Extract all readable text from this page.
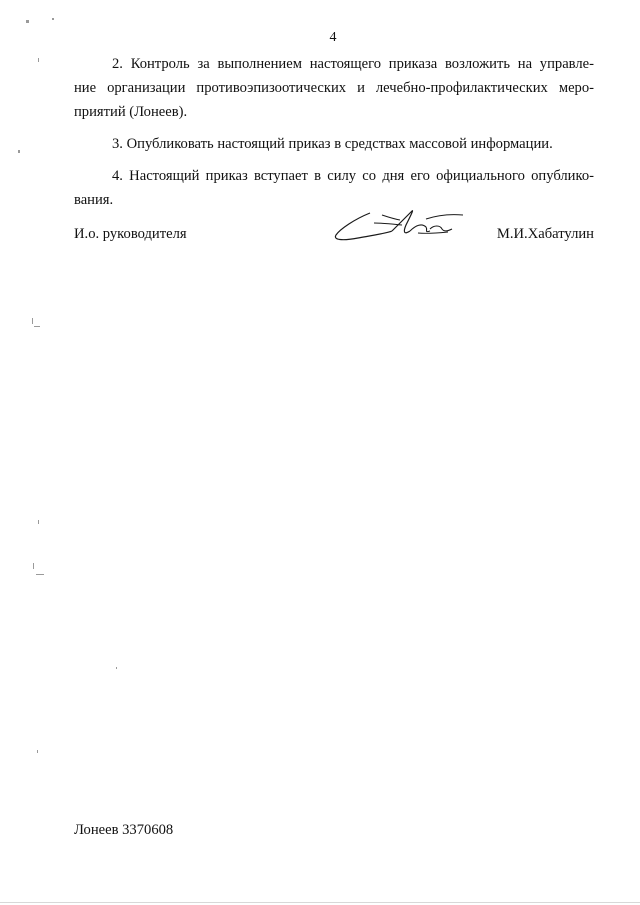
4

2. Контроль за выполнением настоящего приказа возложить на управле-
ние организации противоэпизоотических и лечебно-профилактических меро-
приятий (Лонеев).

3. Опубликовать настоящий приказ в средствах массовой информации.

4. Настоящий приказ вступает в силу со дня его официального опублико-
вания.

И.о. руководителя	М.И.Хабатулин
Лонеев 3370608
